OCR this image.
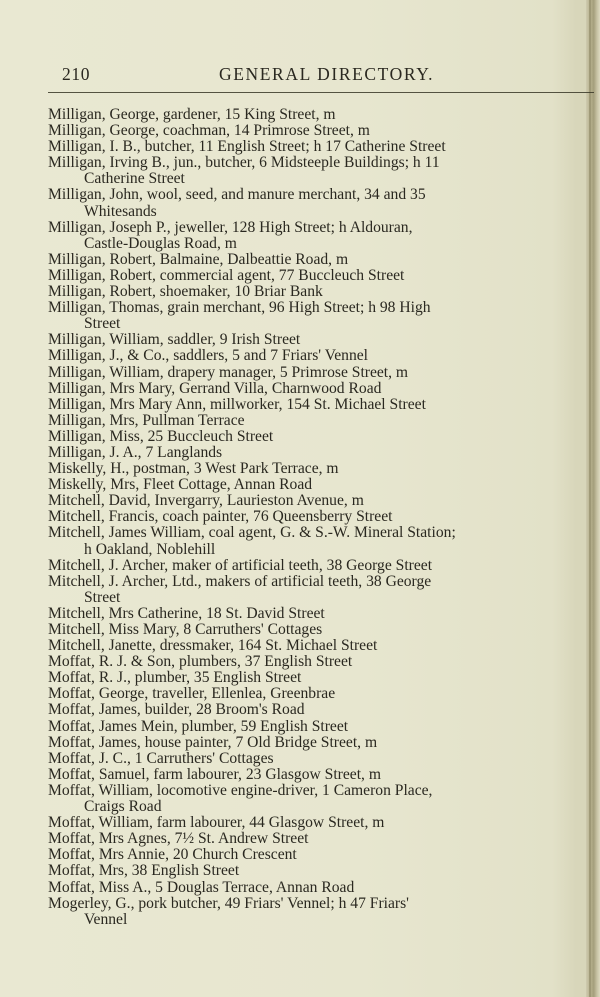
210	GENERAL DIRECTORY.
Milligan, George, gardener, 15 King Street, m
Milligan, George, coachman, 14 Primrose Street, m
Milligan, I. B., butcher, 11 English Street; h 17 Catherine Street
Milligan, Irving B., jun., butcher, 6 Midsteeple Buildings; h 11
Catherine Street
Milligan, John, wool, seed, and manure merchant, 34 and 35
Whitesands
Milligan, Joseph P., jeweller, 128 High Street; h Aldouran,
Castle-Douglas Road, m
Milligan, Robert, Balmaine, Dalbeattie Road, m
Milligan, Robert, commercial agent, 77 Buccleuch Street
Milligan, Robert, shoemaker, 10 Briar Bank
Milligan, Thomas, grain merchant, 96 High Street; h 98 High
Street
Milligan, William, saddler, 9 Irish Street
Milligan, J., & Co., saddlers, 5 and 7 Friars' Vennel
Milligan, William, drapery manager, 5 Primrose Street, m
Milligan, Mrs Mary, Gerrand Villa, Charnwood Road
Milligan, Mrs Mary Ann, millworker, 154 St. Michael Street
Milligan, Mrs, Pullman Terrace
Milligan, Miss, 25 Buccleuch Street
Milligan, J. A., 7 Langlands
Miskelly, H., postman, 3 West Park Terrace, m
Miskelly, Mrs, Fleet Cottage, Annan Road
Mitchell, David, Invergarry, Laurieston Avenue, m
Mitchell, Francis, coach painter, 76 Queensberry Street
Mitchell, James William, coal agent, G. & S.-W. Mineral Station;
h Oakland, Noblehill
Mitchell, J. Archer, maker of artificial teeth, 38 George Street
Mitchell, J. Archer, Ltd., makers of artificial teeth, 38 George
Street
Mitchell, Mrs Catherine, 18 St. David Street
Mitchell, Miss Mary, 8 Carruthers' Cottages
Mitchell, Janette, dressmaker, 164 St. Michael Street
Moffat, R. J. & Son, plumbers, 37 English Street
Moffat, R. J., plumber, 35 English Street
Moffat, George, traveller, Ellenlea, Greenbrae
Moffat, James, builder, 28 Broom's Road
Moffat, James Mein, plumber, 59 English Street
Moffat, James, house painter, 7 Old Bridge Street, m
Moffat, J. C., 1 Carruthers' Cottages
Moffat, Samuel, farm labourer, 23 Glasgow Street, m
Moffat, William, locomotive engine-driver, 1 Cameron Place,
Craigs Road
Moffat, William, farm labourer, 44 Glasgow Street, m
Moffat, Mrs Agnes, 7½ St. Andrew Street
Moffat, Mrs Annie, 20 Church Crescent
Moffat, Mrs, 38 English Street
Moffat, Miss A., 5 Douglas Terrace, Annan Road
Mogerley, G., pork butcher, 49 Friars' Vennel; h 47 Friars'
Vennel
